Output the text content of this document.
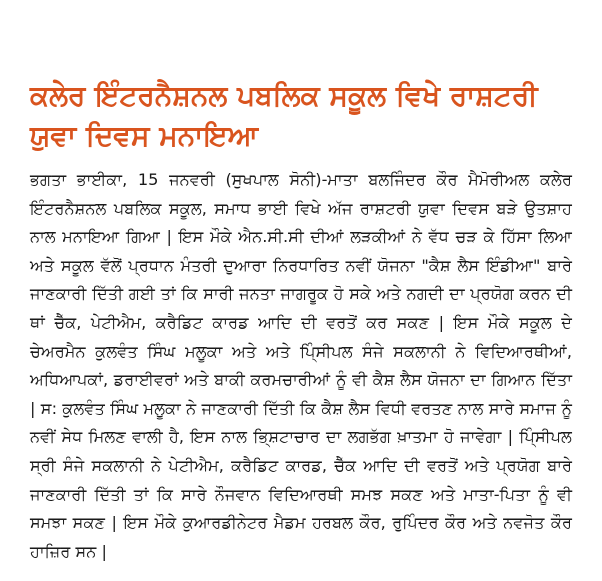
ਕਲੇਰ ਇੰਟਰਨੈਸ਼ਨਲ ਪਬਲਿਕ ਸਕੂਲ ਵਿਖੇ ਰਾਸ਼ਟਰੀ ਯੁਵਾ ਦਿਵਸ ਮਨਾਇਆ

ਭਗਤਾ ਭਾਈਕਾ, 15 ਜਨਵਰੀ (ਸੁਖਪਾਲ ਸੋਨੀ)-ਮਾਤਾ ਬਲਜਿੰਦਰ ਕੌਰ ਮੈਮੋਰੀਅਲ ਕਲੇਰ ਇੰਟਰਨੈਸ਼ਨਲ ਪਬਲਿਕ ਸਕੂਲ, ਸਮਾਧ ਭਾਈ ਵਿਖੇ ਅੱਜ ਰਾਸ਼ਟਰੀ ਯੁਵਾ ਦਿਵਸ ਬੜੇ ਉਤਸ਼ਾਹ ਨਾਲ ਮਨਾਇਆ ਗਿਆ | ਇਸ ਮੌਕੇ ਐਨ.ਸੀ.ਸੀ ਦੀਆਂ ਲੜਕੀਆਂ ਨੇ ਵੱਧ ਚੜ ਕੇ ਹਿੱਸਾ ਲਿਆ ਅਤੇ ਸਕੂਲ ਵੱਲੋਂ ਪ੍ਰਧਾਨ ਮੰਤਰੀ ਦੁਆਰਾ ਨਿਰਧਾਰਿਤ ਨਵੀਂ ਯੋਜਨਾ "ਕੈਸ਼ ਲੈਸ ਇੰਡੀਆ" ਬਾਰੇ ਜਾਣਕਾਰੀ ਦਿੱਤੀ ਗਈ ਤਾਂ ਕਿ ਸਾਰੀ ਜਨਤਾ ਜਾਗਰੂਕ ਹੋ ਸਕੇ ਅਤੇ ਨਗਦੀ ਦਾ ਪ੍ਰਯੋਗ ਕਰਨ ਦੀ ਥਾਂ ਚੈੱਕ, ਪੇਟੀਐਮ, ਕਰੈਡਿਟ ਕਾਰਡ ਆਦਿ ਦੀ ਵਰਤੋਂ ਕਰ ਸਕਣ | ਇਸ ਮੌਕੇ ਸਕੂਲ ਦੇ ਚੇਅਰਮੈਨ ਕੁਲਵੰਤ ਸਿੰਘ ਮਲੂਕਾ ਅਤੇ ਅਤੇ ਪਿ੍ੰਸੀਪਲ ਸੰਜੇ ਸਕਲਾਨੀ ਨੇ ਵਿਦਿਆਰਥੀਆਂ, ਅਧਿਆਪਕਾਂ, ਡਰਾਈਵਰਾਂ ਅਤੇ ਬਾਕੀ ਕਰਮਚਾਰੀਆਂ ਨੂੰ ਵੀ ਕੈਸ਼ ਲੈਸ ਯੋਜਨਾ ਦਾ ਗਿਆਨ ਦਿੱਤਾ | ਸ: ਕੁਲਵੰਤ ਸਿੰਘ ਮਲੂਕਾ ਨੇ ਜਾਣਕਾਰੀ ਦਿੱਤੀ ਕਿ ਕੈਸ਼ ਲੈਸ ਵਿਧੀ ਵਰਤਣ ਨਾਲ ਸਾਰੇ ਸਮਾਜ ਨੂੰ ਨਵੀਂ ਸੇਧ ਮਿਲਣ ਵਾਲੀ ਹੈ, ਇਸ ਨਾਲ ਭਿ੍ਸ਼ਟਾਚਾਰ ਦਾ ਲਗਭੱਗ ਖ਼ਾਤਮਾ ਹੋ ਜਾਵੇਗਾ | ਪਿ੍ੰਸੀਪਲ ਸ੍ਰੀ ਸੰਜੇ ਸਕਲਾਨੀ ਨੇ ਪੇਟੀਐਮ, ਕਰੈਡਿਟ ਕਾਰਡ, ਚੈੱਕ ਆਦਿ ਦੀ ਵਰਤੋਂ ਅਤੇ ਪ੍ਰਯੋਗ ਬਾਰੇ ਜਾਣਕਾਰੀ ਦਿੱਤੀ ਤਾਂ ਕਿ ਸਾਰੇ ਨੌਜਵਾਨ ਵਿਦਿਆਰਥੀ ਸਮਝ ਸਕਣ ਅਤੇ ਮਾਤਾ-ਪਿਤਾ ਨੂੰ ਵੀ ਸਮਝਾ ਸਕਣ | ਇਸ ਮੌਕੇ ਕੁਆਰਡੀਨੇਟਰ ਮੈਡਮ ਹਰਬਲ ਕੌਰ, ਰੁਪਿੰਦਰ ਕੌਰ ਅਤੇ ਨਵਜੋਤ ਕੌਰ ਹਾਜ਼ਿਰ ਸਨ |
